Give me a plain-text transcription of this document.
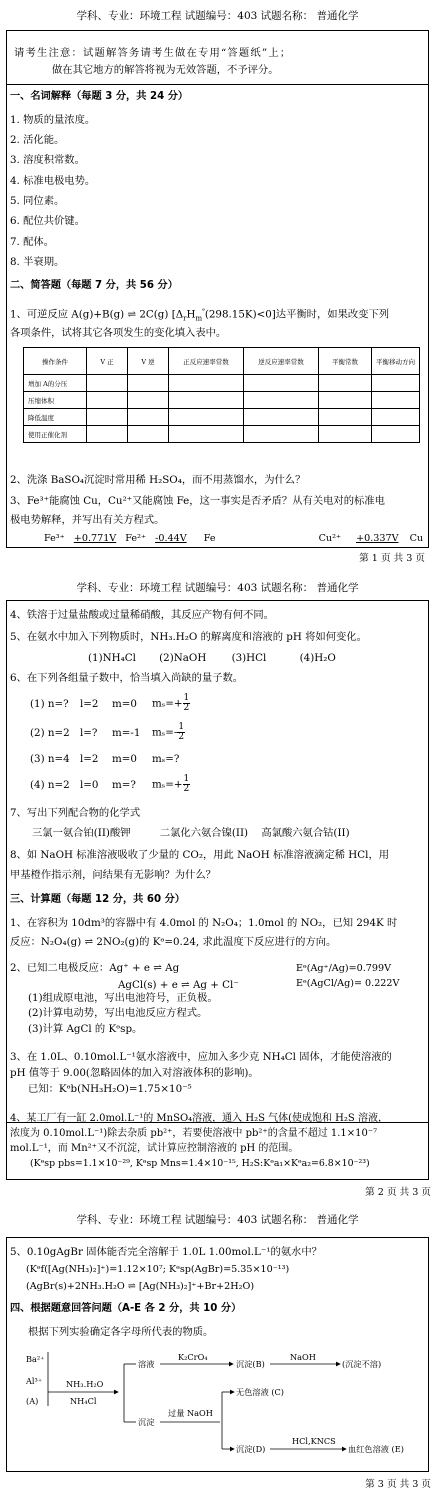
学科、专业：环境工程 试题编号：403 试题名称： 普通化学
请考生注意：试题解答务请考生做在专用“答题纸”上；
做在其它地方的解答将视为无效答题，不予评分。
一、名词解释（每题 3 分，共 24 分）
1. 物质的量浓度。
2. 活化能。
3. 溶度积常数。
4. 标准电极电势。
5. 同位素。
6. 配位共价键。
7. 配体。
8. 半衰期。
二、简答题（每题 7 分，共 56 分）
1、可逆反应 A(g)+B(g) ⇌ 2C(g) $[\Delta_rH_m^ᶱ(298.15K)<0]$达平衡时，如果改变下列
各项条件，试将其它各项发生的变化填入表中。
操作条件	V 正	V 逆	正反应速率常数	逆反应速率常数	平衡常数	平衡移动方向
增加 A的分压						
压缩体积						
降低温度						
使用正催化剂						
2、洗涤 BaSO₄沉淀时常用稀 H₂SO₄，而不用蒸馏水，为什么？
3、Fe³⁺能腐蚀 Cu，Cu²⁺又能腐蚀 Fe，这一事实是否矛盾？从有关电对的标准电
极电势解释，并写出有关方程式。
Fe³⁺ +0.771V Fe²⁺ -0.44V Fe	Cu²⁺ +0.337V Cu
第 1 页 共 3 页
学科、专业：环境工程 试题编号：403 试题名称： 普通化学
4、铁溶于过量盐酸或过量稀硝酸，其反应产物有何不同。
5、在氨水中加入下列物质时，NH₃.H₂O 的解离度和溶液的 pH 将如何变化。
(1)NH₄Cl (2)NaOH (3)HCl	(4)H₂O
6、在下列各组量子数中，恰当填入尚缺的量子数。
(1) n=? l=2 m=0 $m_s=+ \frac{1}{2}$
(2) n=2 l=? m=-1 $m_s=- \frac{1}{2}$
(3) n=4 l=2 m=0 mₛ=?
(4) n=2 l=0 m=? $m_s=+ \frac{1}{2}$
7、写出下列配合物的化学式
三氯一氨合铂(II)酸钾	二氯化六氨合镍(II) 高氯酸六氨合钴(II)
8、如 NaOH 标准溶液吸收了少量的 CO₂，用此 NaOH 标准溶液滴定稀 HCl，用
甲基橙作指示剂，问结果有无影响？为什么？
三、计算题（每题 12 分，共 60 分）
1、在容积为 10dm³的容器中有 4.0mol 的 N₂O₄；1.0mol 的 NO₂，已知 294K 时
反应：N₂O₄(g) ⇌ 2NO₂(g)的 Kᶱ=0.24, 求此温度下反应进行的方向。
2、已知二电极反应：Ag⁺ + e ⇌ Ag	Eᶱ(Ag⁺/Ag)=0.799V
AgCl(s) + e ⇌ Ag + Cl⁻	Eᶱ(AgCl/Ag)= 0.222V
(1)组成原电池，写出电池符号，正负极。
(2)计算电动势，写出电池反应方程式。
(3)计算 AgCl 的 Kᶱsp。
3、在 1.0L、0.10mol.L⁻¹氨水溶液中，应加入多少克 NH₄Cl 固体，才能使溶液的
pH 值等于 9.00(忽略固体的加入对溶液体积的影响)。
已知：Kᶱb(NH₃H₂O)=1.75×10⁻⁵
4、某工厂有一缸 2.0mol.L⁻¹的 MnSO₄溶液，通入 H₂S 气体(使成饱和 H₂S 溶液，
浓度为 0.10mol.L⁻¹)除去杂质 pb²⁺，若要使溶液中 pb²⁺的含量不超过 1.1×10⁻⁷
mol.L⁻¹，而 Mn²⁺又不沉淀，试计算应控制溶液的 pH 的范围。
(Kᶱsp pbs=1.1×10⁻²⁹, Kᶱsp Mns=1.4×10⁻¹⁵, H₂S:Kᶱa₁×Kᶱa₂=6.8×10⁻²³)
第 2 页 共 3 页
学科、专业：环境工程 试题编号：403 试题名称： 普通化学
5、0.10gAgBr 固体能否完全溶解于 1.0L 1.00mol.L⁻¹的氨水中？
(Kᶱf([Ag(NH₃)₂]⁺)=1.12×10⁷; Kᶱsp(AgBr)=5.35×10⁻¹³)
(AgBr(s)+2NH₃.H₂O ⇌ [Ag(NH₃)₂]⁺+Br+2H₂O)
四、根据题意回答问题（A-E 各 2 分，共 10 分）
根据下列实验确定各字母所代表的物质。
Ba²⁺
Al³⁺
(A)
NH₃.H₂O
NH₄Cl
溶液
K₂CrO₄
沉淀(B)
NaOH
(沉淀不溶)
沉淀
过量 NaOH
无色溶液 (C)
沉淀(D)
HCl,KNCS
血红色溶液 (E)
第 3 页 共 3 页
